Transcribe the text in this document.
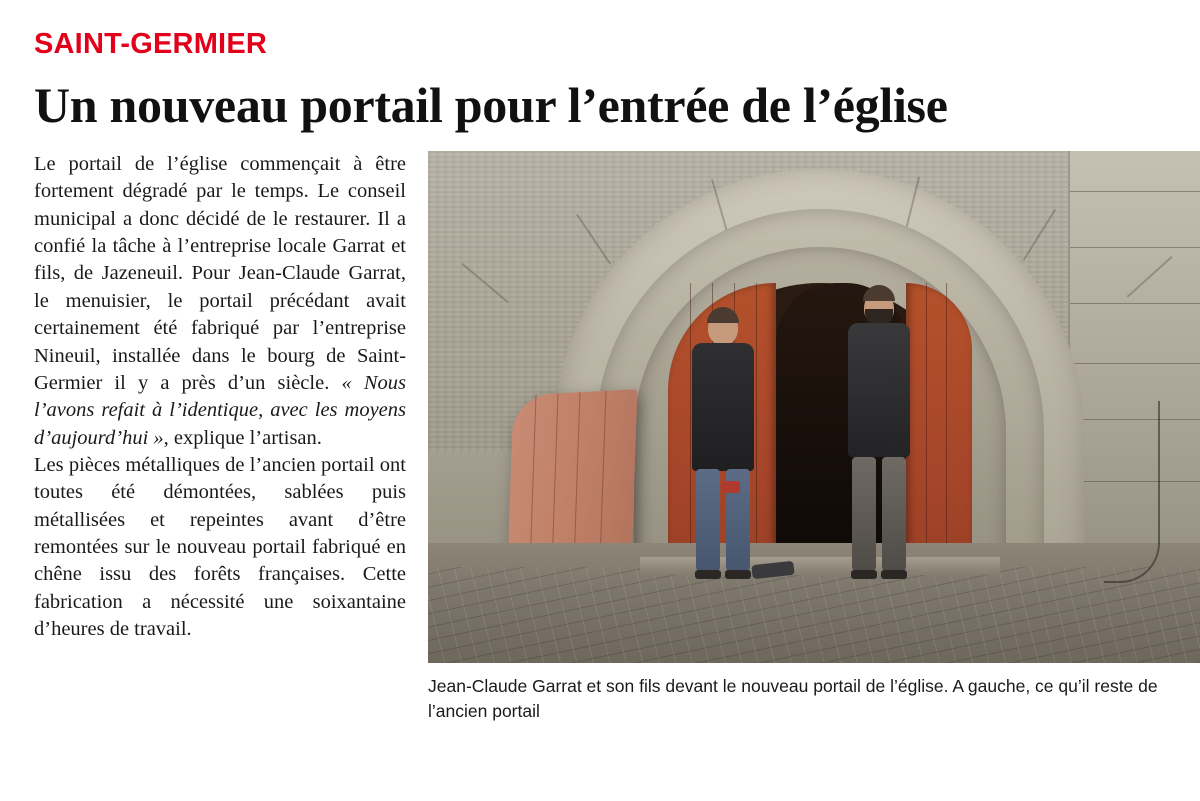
SAINT-GERMIER
Un nouveau portail pour l’entrée de l’église

Le portail de l’église commençait à être fortement dégradé par le temps. Le conseil municipal a donc décidé de le restaurer. Il a confié la tâche à l’entreprise locale Garrat et fils, de Jazeneuil. Pour Jean-Claude Garrat, le menuisier, le portail précédant avait certainement été fabriqué par l’entreprise Nineuil, installée dans le bourg de Saint-Germier il y a près d’un siècle. « Nous l’avons refait à l’identique, avec les moyens d’aujourd’hui », explique l’artisan.

Les pièces métalliques de l’ancien portail ont toutes été démontées, sablées puis métallisées et repeintes avant d’être remontées sur le nouveau portail fabriqué en chêne issu des forêts françaises. Cette fabrication a nécessité une soixantaine d’heures de travail.

Jean-Claude Garrat et son fils devant le nouveau portail de l’église. A gauche, ce qu’il reste de l’ancien portail
